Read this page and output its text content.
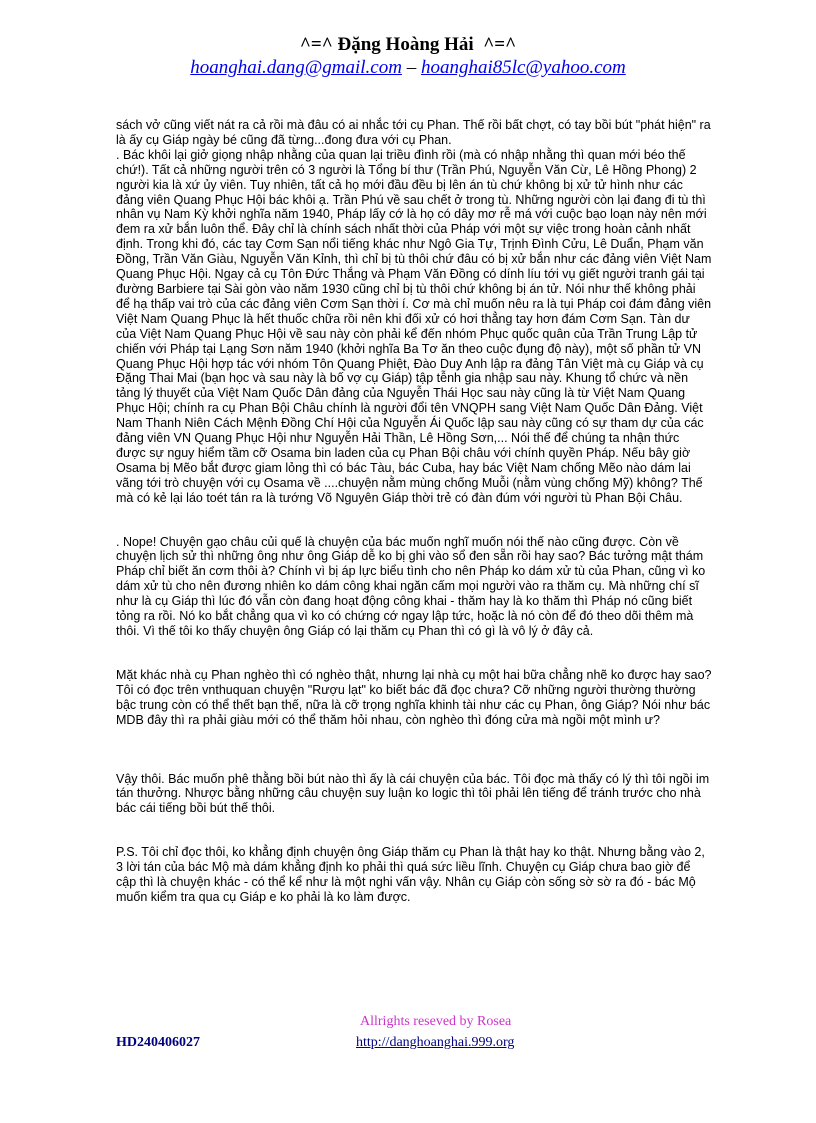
^=^ Đặng Hoàng Hải  ^=^
hoanghai.dang@gmail.com – hoanghai85lc@yahoo.com

sách vở cũng viết nát ra cả rồi mà đâu có ai nhắc tới cụ Phan. Thế rồi bất chợt, có tay bồi bút "phát hiện" ra là ấy cụ Giáp ngày bé cũng đã từng...đong đưa với cụ Phan.

. Bác khôi lại giở giọng nhập nhằng của quan lại triều đình rồi (mà có nhập nhằng thì quan mới béo thế chứ!). Tất cả những người trên có 3 người là Tổng bí thư (Trần Phú, Nguyễn Văn Cừ, Lê Hồng Phong) 2 người kia là xứ ủy viên. Tuy nhiên, tất cả họ mới đầu đều bị lên án tù chứ không bị xử tử hình như các đảng viên Quang Phục Hội bác khôi ạ. Trần Phú về sau chết ở trong tù. Những người còn lại đang đi tù thì nhân vụ Nam Kỳ khởi nghĩa năm 1940, Pháp lấy cớ là họ có dây mơ rễ má với cuộc bạo loạn này nên mới đem ra xử bắn luôn thể. Đây chỉ là chính sách nhất thời của Pháp với một sự việc trong hoàn cảnh nhất định. Trong khi đó, các tay Cơm Sạn nổi tiếng khác như Ngô Gia Tự, Trịnh Đình Cửu, Lê Duẩn, Phạm văn Đồng, Trần Văn Giàu, Nguyễn Văn Kỉnh, thì chỉ bị tù thôi chứ đâu có bị xử bắn như các đảng viên Việt Nam Quang Phục Hội. Ngay cả cụ Tôn Đức Thắng và Phạm Văn Đồng có dính líu tới vụ giết người tranh gái tại đường Barbiere tại Sài gòn vào năm 1930 cũng chỉ bị tù thôi chứ không bị án tử. Nói như thế không phải để hạ thấp vai trò của các đảng viên Cơm Sạn thời í. Cơ mà chỉ muốn nêu ra là tụi Pháp coi đám đảng viên Việt Nam Quang Phục là hết thuốc chữa rồi nên khi đối xử có hơi thẳng tay hơn đám Cơm Sạn. Tàn dư của Việt Nam Quang Phục Hội về sau này còn phải kể đến nhóm Phục quốc quân của Trần Trung Lập tử chiến với Pháp tại Lạng Sơn năm 1940 (khởi nghĩa Ba Tơ ăn theo cuộc đụng độ này), một số phần tử VN Quang Phục Hội hợp tác với nhóm Tôn Quang Phiệt, Đào Duy Anh lập ra đảng Tân Việt mà cụ Giáp và cụ Đặng Thai Mai (bạn học và sau này là bố vợ cụ Giáp) tập tễnh gia nhập sau này. Khung tổ chức và nền tảng lý thuyết của Việt Nam Quốc Dân đảng của Nguyễn Thái Học sau này cũng là từ Việt Nam Quang Phục Hội; chính ra cụ Phan Bội Châu chính là người đổi tên VNQPH sang Việt Nam Quốc Dân Đảng. Việt Nam Thanh Niên Cách Mệnh Đồng Chí Hội của Nguyễn Ái Quốc lập sau này cũng có sự tham dự của các đảng viên VN Quang Phục Hội như Nguyễn Hải Thần, Lê Hồng Sơn,... Nói thế để chúng ta nhận thức được sự nguy hiểm tầm cỡ Osama bin laden của cụ Phan Bội châu với chính quyền Pháp. Nếu bây giờ Osama bị Mẽo bắt được giam lỏng thì có bác Tàu, bác Cuba, hay bác Việt Nam chống Mẽo nào dám lai vãng tới trò chuyện với cụ Osama về ....chuyện nằm mùng chống Muỗi (nằm vùng chống Mỹ) không? Thế mà có kẻ lại láo toét tán ra là tướng Võ Nguyên Giáp thời trẻ có đàn đúm với người tù Phan Bội Châu.

. Nope! Chuyện gạo châu củi quế là chuyện của bác muốn nghĩ muốn nói thế nào cũng được. Còn về chuyện lịch sử thì những ông như ông Giáp dễ ko bị ghi vào sổ đen sẵn rồi hay sao? Bác tưởng mật thám Pháp chỉ biết ăn cơm thôi à? Chính vì bị áp lực biểu tình cho nên Pháp ko dám xử tù của Phan, cũng vì ko dám xử tù cho nên đương nhiên ko dám công khai ngăn cấm mọi người vào ra thăm cụ. Mà những chí sĩ như là cụ Giáp thì lúc đó vẫn còn đang hoạt động công khai - thăm hay là ko thăm thì Pháp nó cũng biết tỏng ra rồi. Nó ko bắt chẳng qua vì ko có chứng cớ ngay lập tức, hoặc là nó còn để đó theo dõi thêm mà thôi. Vì thế tôi ko thấy chuyện ông Giáp có lại thăm cụ Phan thì có gì là vô lý ở đây cả.

Mặt khác nhà cụ Phan nghèo thì có nghèo thật, nhưng lại nhà cụ một hai bữa chẳng nhẽ ko được hay sao? Tôi có đọc trên vnthuquan chuyện "Rượu lạt" ko biết bác đã đọc chưa? Cỡ những người thường thường bậc trung còn có thể thết bạn thế, nữa là cỡ trọng nghĩa khinh tài như các cụ Phan, ông Giáp? Nói như bác MDB đây thì ra phải giàu mới có thể thăm hỏi nhau, còn nghèo thì đóng cửa mà ngồi một mình ư?

Vậy thôi. Bác muốn phê thằng bồi bút nào thì ấy là cái chuyện của bác. Tôi đọc mà thấy có lý thì tôi ngồi im tán thưởng. Nhược bằng những câu chuyện suy luận ko logic thì tôi phải lên tiếng để tránh trước cho nhà bác cái tiếng bồi bút thế thôi.

P.S. Tôi chỉ đọc thôi, ko khẳng định chuyện ông Giáp thăm cụ Phan là thật hay ko thật. Nhưng bằng vào 2, 3 lời tán của bác Mộ mà dám khẳng định ko phải thì quá sức liều lĩnh. Chuyện cụ Giáp chưa bao giờ để cập thì là chuyện khác - có thể kể như là một nghi vấn vậy. Nhân cụ Giáp còn sống sờ sờ ra đó - bác Mộ muốn kiểm tra qua cụ Giáp e ko phải là ko làm được.

Allrights reseved by Rosea
HD240406027	http://danghoanghai.999.org
